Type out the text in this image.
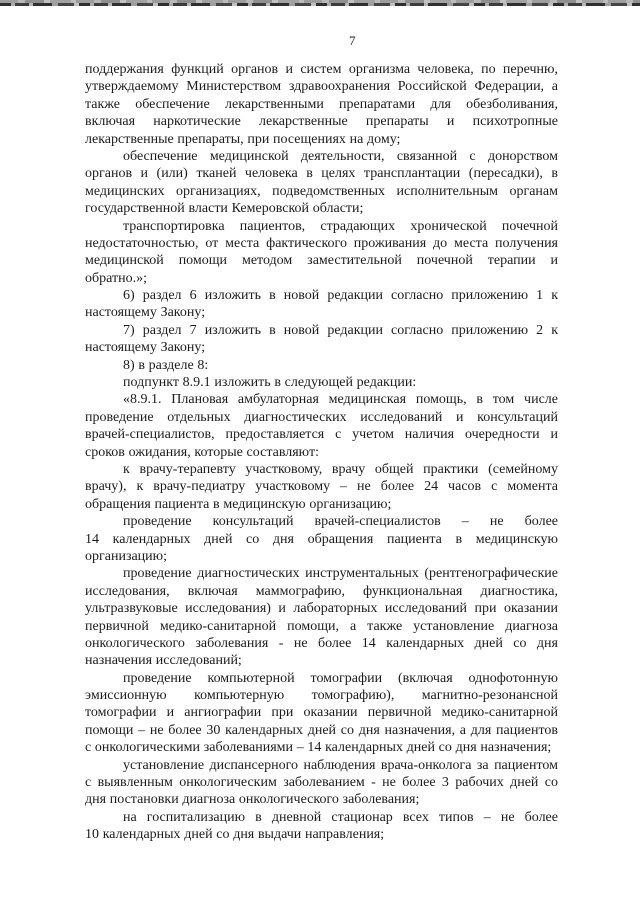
7
поддержания функций органов и систем организма человека, по перечню,
утверждаемому Министерством здравоохранения Российской Федерации, а
также обеспечение лекарственными препаратами для обезболивания,
включая наркотические лекарственные препараты и психотропные
лекарственные препараты, при посещениях на дому;
обеспечение медицинской деятельности, связанной с донорством
органов и (или) тканей человека в целях трансплантации (пересадки), в
медицинских организациях, подведомственных исполнительным органам
государственной власти Кемеровской области;
транспортировка пациентов, страдающих хронической почечной
недостаточностью, от места фактического проживания до места получения
медицинской помощи методом заместительной почечной терапии и
обратно.»;
6) раздел 6 изложить в новой редакции согласно приложению 1 к
настоящему Закону;
7) раздел 7 изложить в новой редакции согласно приложению 2 к
настоящему Закону;
8) в разделе 8:
подпункт 8.9.1 изложить в следующей редакции:
«8.9.1. Плановая амбулаторная медицинская помощь, в том числе
проведение отдельных диагностических исследований и консультаций
врачей-специалистов, предоставляется с учетом наличия очередности и
сроков ожидания, которые составляют:
к врачу-терапевту участковому, врачу общей практики (семейному
врачу), к врачу-педиатру участковому – не более 24 часов с момента
обращения пациента в медицинскую организацию;
проведение консультаций врачей-специалистов – не более
14 календарных дней со дня обращения пациента в медицинскую
организацию;
проведение диагностических инструментальных (рентгенографические
исследования, включая маммографию, функциональная диагностика,
ультразвуковые исследования) и лабораторных исследований при оказании
первичной медико-санитарной помощи, а также установление диагноза
онкологического заболевания - не более 14 календарных дней со дня
назначения исследований;
проведение компьютерной томографии (включая однофотонную
эмиссионную компьютерную томографию), магнитно-резонансной
томографии и ангиографии при оказании первичной медико-санитарной
помощи – не более 30 календарных дней со дня назначения, а для пациентов
с онкологическими заболеваниями – 14 календарных дней со дня назначения;
установление диспансерного наблюдения врача-онколога за пациентом
с выявленным онкологическим заболеванием - не более 3 рабочих дней со
дня постановки диагноза онкологического заболевания;
на госпитализацию в дневной стационар всех типов – не более
10 календарных дней со дня выдачи направления;
